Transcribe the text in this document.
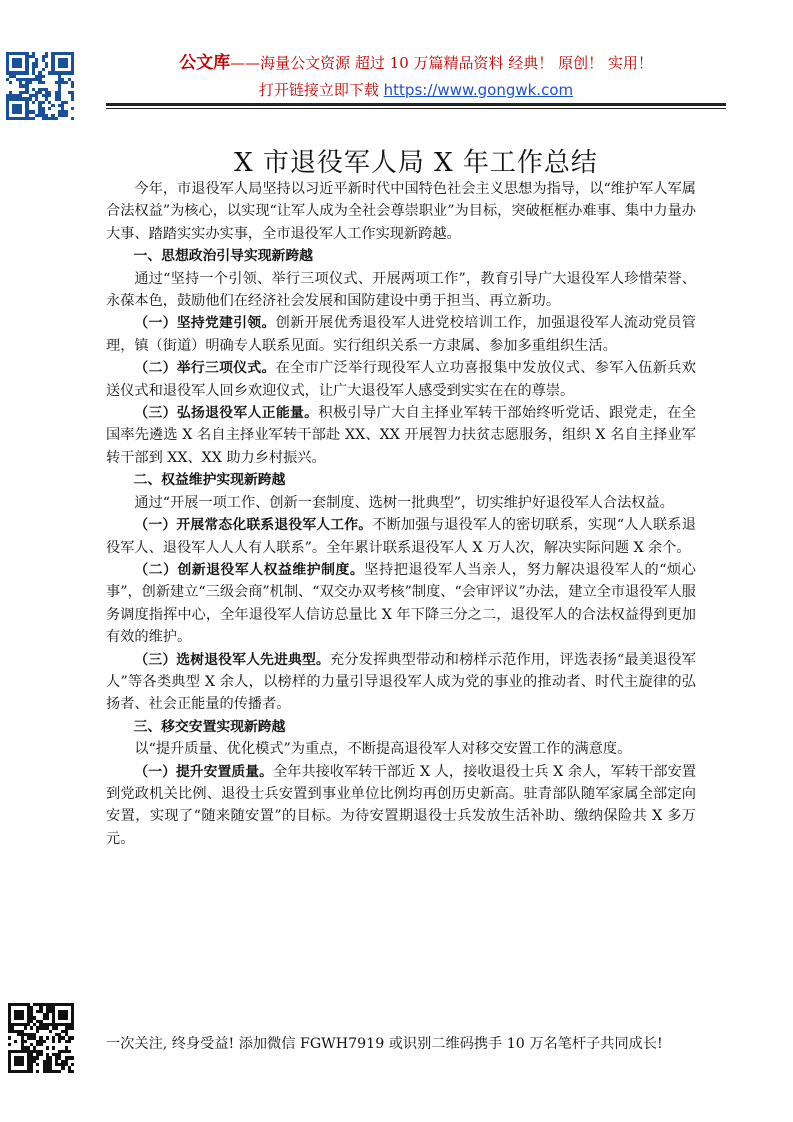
公文库——海量公文资源 超过 10 万篇精品资料 经典！ 原创！ 实用！
打开链接立即下载 https://www.gongwk.com
X 市退役军人局 X 年工作总结

今年，市退役军人局坚持以习近平新时代中国特色社会主义思想为指导，以“维护军人军属合法权益”为核心，以实现“让军人成为全社会尊崇职业”为目标，突破框框办难事、集中力量办大事、踏踏实实办实事，全市退役军人工作实现新跨越。

一、思想政治引导实现新跨越

通过“坚持一个引领、举行三项仪式、开展两项工作”，教育引导广大退役军人珍惜荣誉、永葆本色，鼓励他们在经济社会发展和国防建设中勇于担当、再立新功。

（一）坚持党建引领。创新开展优秀退役军人进党校培训工作，加强退役军人流动党员管理，镇（街道）明确专人联系见面。实行组织关系一方隶属、参加多重组织生活。

（二）举行三项仪式。在全市广泛举行现役军人立功喜报集中发放仪式、参军入伍新兵欢送仪式和退役军人回乡欢迎仪式，让广大退役军人感受到实实在在的尊崇。

（三）弘扬退役军人正能量。积极引导广大自主择业军转干部始终听党话、跟党走，在全国率先遴选 X 名自主择业军转干部赴 XX、XX 开展智力扶贫志愿服务，组织 X 名自主择业军转干部到 XX、XX 助力乡村振兴。

二、权益维护实现新跨越

通过“开展一项工作、创新一套制度、选树一批典型”，切实维护好退役军人合法权益。

（一）开展常态化联系退役军人工作。不断加强与退役军人的密切联系，实现“人人联系退役军人、退役军人人人有人联系”。全年累计联系退役军人 X 万人次，解决实际问题 X 余个。

（二）创新退役军人权益维护制度。坚持把退役军人当亲人，努力解决退役军人的“烦心事”，创新建立“三级会商”机制、“双交办双考核”制度、“会审评议”办法，建立全市退役军人服务调度指挥中心，全年退役军人信访总量比 X 年下降三分之二，退役军人的合法权益得到更加有效的维护。

（三）选树退役军人先进典型。充分发挥典型带动和榜样示范作用，评选表扬“最美退役军人”等各类典型 X 余人，以榜样的力量引导退役军人成为党的事业的推动者、时代主旋律的弘扬者、社会正能量的传播者。

三、移交安置实现新跨越

以“提升质量、优化模式”为重点，不断提高退役军人对移交安置工作的满意度。

（一）提升安置质量。全年共接收军转干部近 X 人，接收退役士兵 X 余人，军转干部安置到党政机关比例、退役士兵安置到事业单位比例均再创历史新高。驻青部队随军家属全部定向安置，实现了“随来随安置”的目标。为待安置期退役士兵发放生活补助、缴纳保险共 X 多万元。

一次关注, 终身受益! 添加微信 FGWH7919 或识别二维码携手 10 万名笔杆子共同成长!
